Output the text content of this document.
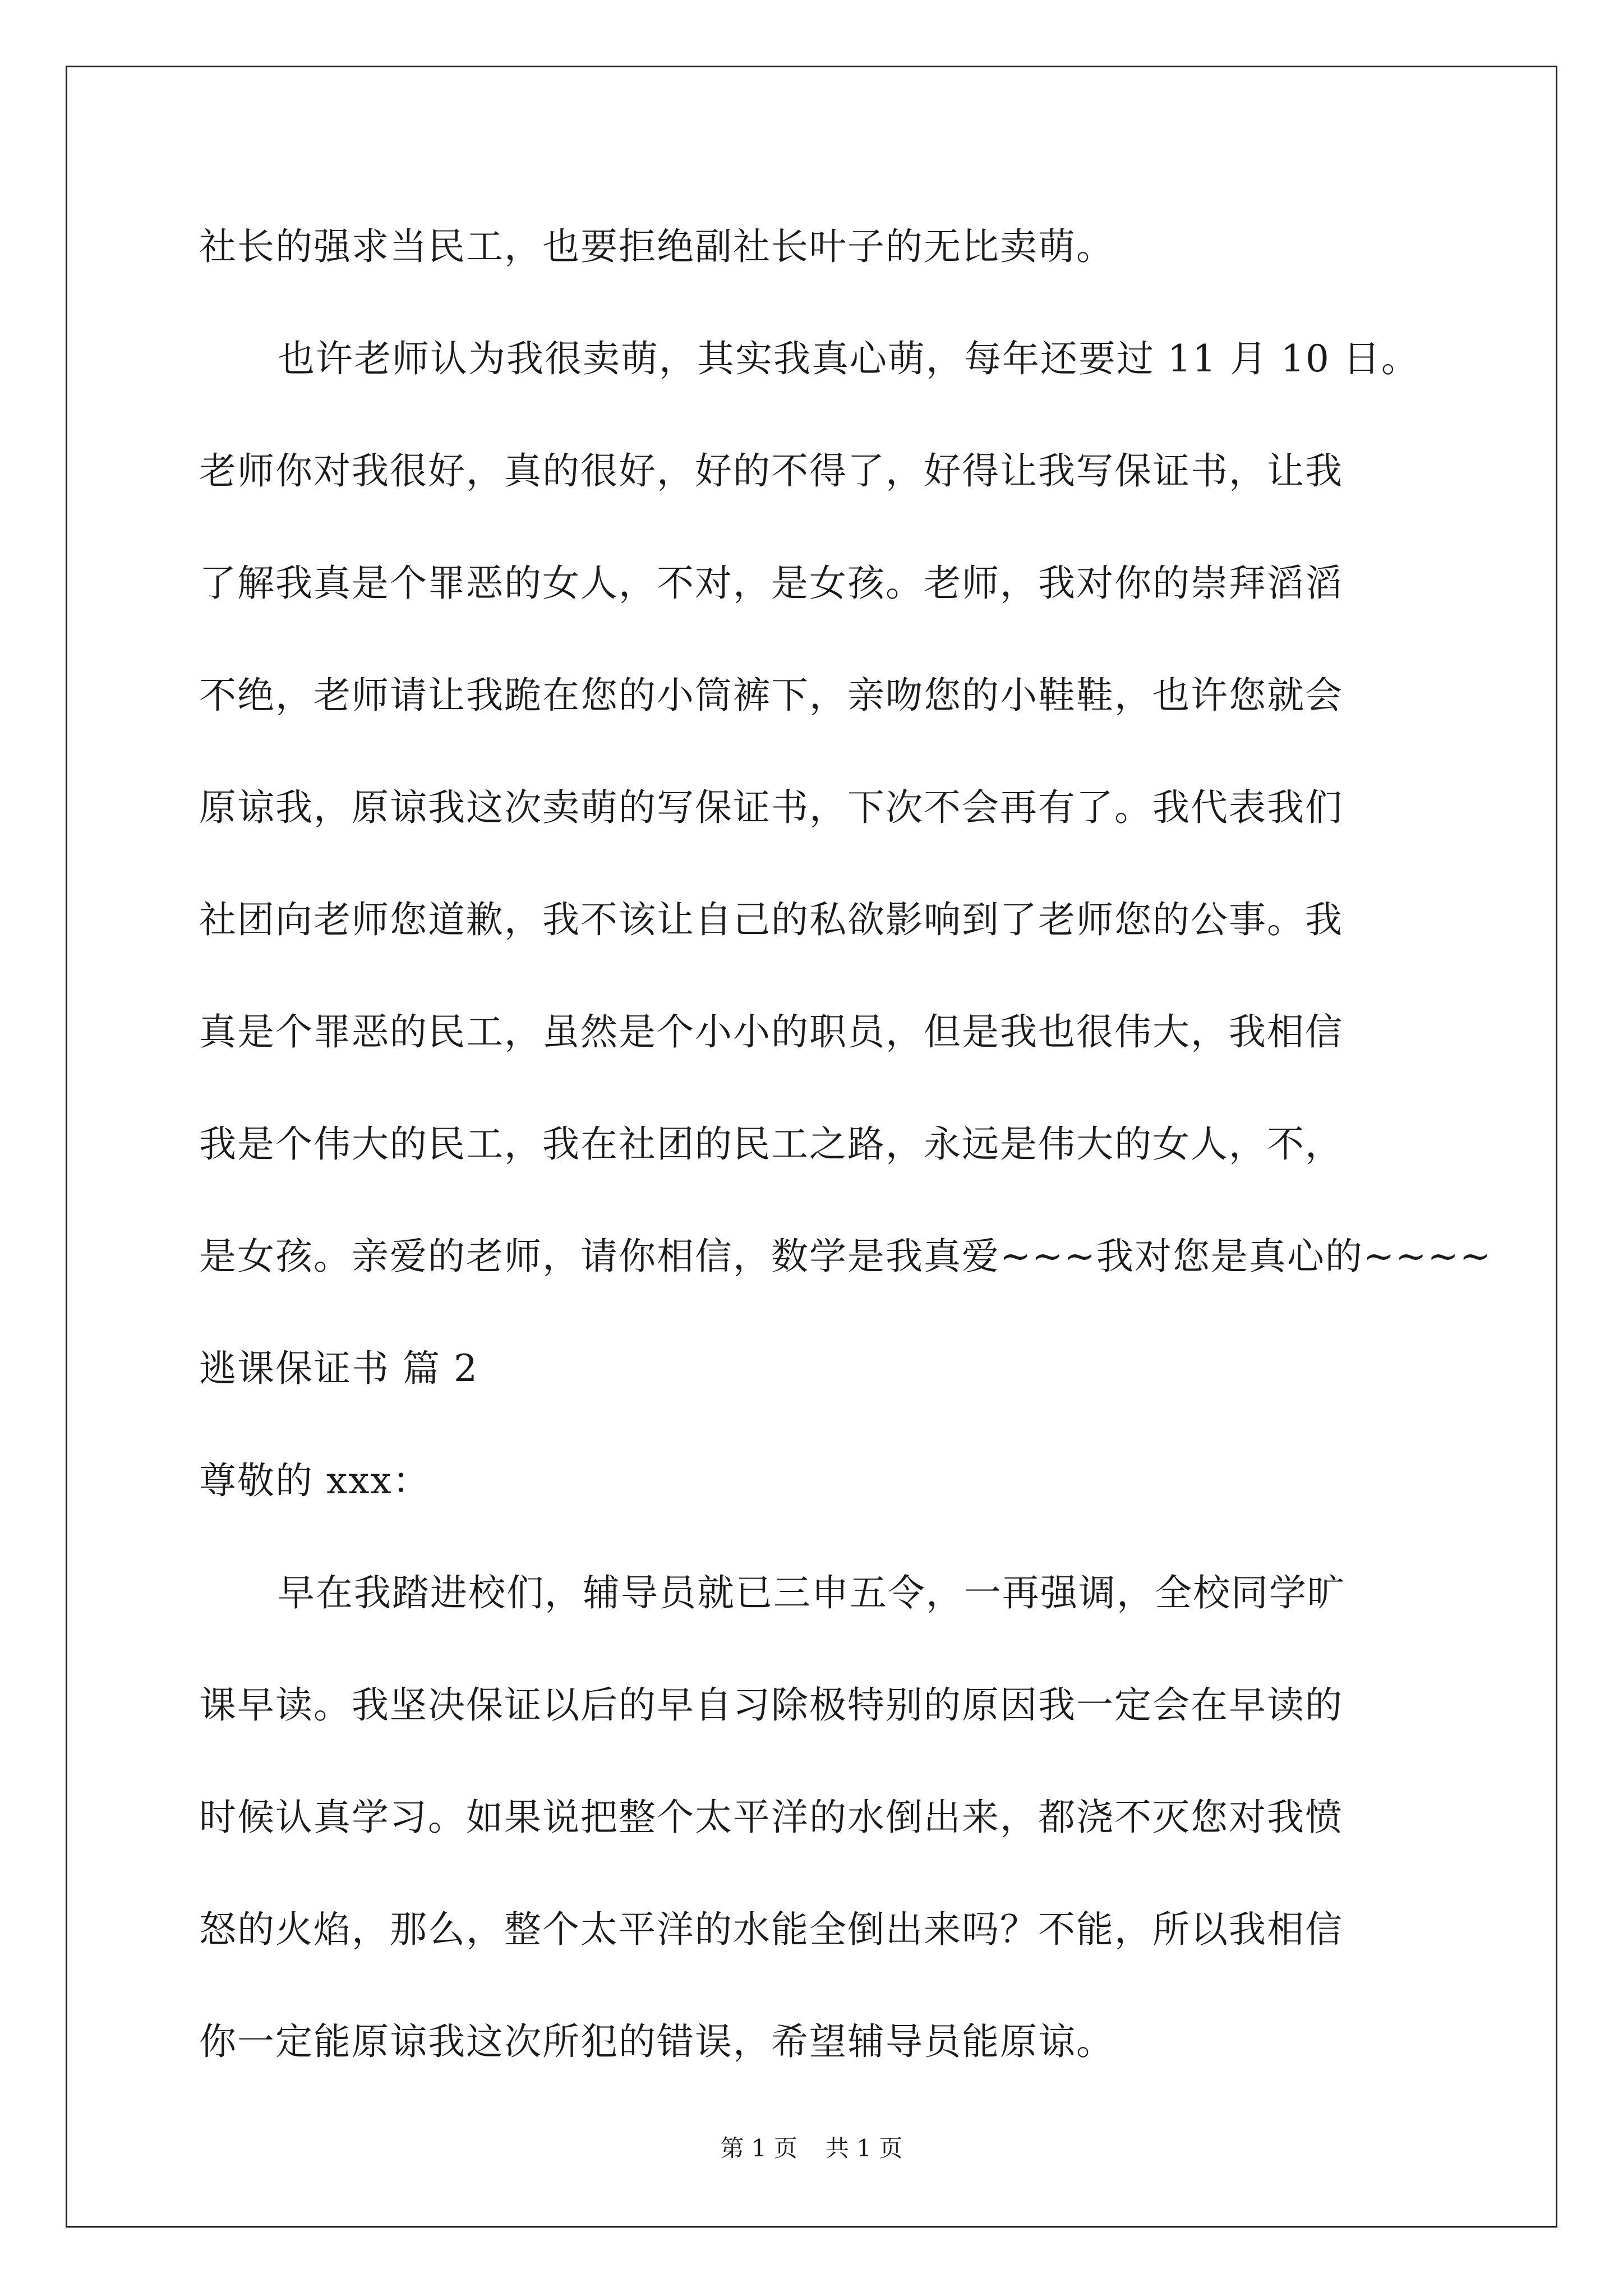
社长的强求当民工，也要拒绝副社长叶子的无比卖萌。
也许老师认为我很卖萌，其实我真心萌，每年还要过 11 月 10 日。
老师你对我很好，真的很好，好的不得了，好得让我写保证书，让我
了解我真是个罪恶的女人，不对，是女孩。老师，我对你的崇拜滔滔
不绝，老师请让我跪在您的小筒裤下，亲吻您的小鞋鞋，也许您就会
原谅我，原谅我这次卖萌的写保证书，下次不会再有了。我代表我们
社团向老师您道歉，我不该让自己的私欲影响到了老师您的公事。我
真是个罪恶的民工，虽然是个小小的职员，但是我也很伟大，我相信
我是个伟大的民工，我在社团的民工之路，永远是伟大的女人，不，
是女孩。亲爱的老师，请你相信，数学是我真爱~~~我对您是真心的~~~~
逃课保证书 篇 2
尊敬的 xxx：
早在我踏进校们，辅导员就已三申五令，一再强调，全校同学旷
课早读。我坚决保证以后的早自习除极特别的原因我一定会在早读的
时候认真学习。如果说把整个太平洋的水倒出来，都浇不灭您对我愤
怒的火焰，那么，整个太平洋的水能全倒出来吗？不能，所以我相信
你一定能原谅我这次所犯的错误，希望辅导员能原谅。
第 1 页 共 1 页
